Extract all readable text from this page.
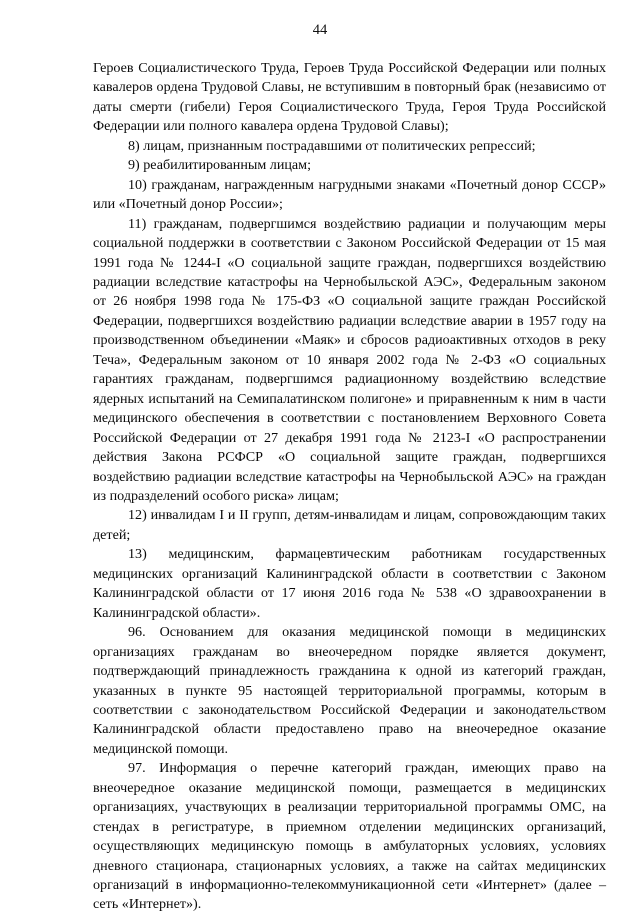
44

Героев Социалистического Труда, Героев Труда Российской Федерации или полных кавалеров ордена Трудовой Славы, не вступившим в повторный брак (независимо от даты смерти (гибели) Героя Социалистического Труда, Героя Труда Российской Федерации или полного кавалера ордена Трудовой Славы);

8) лицам, признанным пострадавшими от политических репрессий;

9) реабилитированным лицам;

10) гражданам, награжденным нагрудными знаками «Почетный донор СССР» или «Почетный донор России»;

11) гражданам, подвергшимся воздействию радиации и получающим меры социальной поддержки в соответствии с Законом Российской Федерации от 15 мая 1991 года № 1244-I «О социальной защите граждан, подвергшихся воздействию радиации вследствие катастрофы на Чернобыльской АЭС», Федеральным законом от 26 ноября 1998 года № 175-ФЗ «О социальной защите граждан Российской Федерации, подвергшихся воздействию радиации вследствие аварии в 1957 году на производственном объединении «Маяк» и сбросов радиоактивных отходов в реку Теча», Федеральным законом от 10 января 2002 года № 2-ФЗ «О социальных гарантиях гражданам, подвергшимся радиационному воздействию вследствие ядерных испытаний на Семипалатинском полигоне» и приравненным к ним в части медицинского обеспечения в соответствии с постановлением Верховного Совета Российской Федерации от 27 декабря 1991 года № 2123-I «О распространении действия Закона РСФСР «О социальной защите граждан, подвергшихся воздействию радиации вследствие катастрофы на Чернобыльской АЭС» на граждан из подразделений особого риска» лицам;

12) инвалидам I и II групп, детям-инвалидам и лицам, сопровождающим таких детей;

13) медицинским, фармацевтическим работникам государственных медицинских организаций Калининградской области в соответствии с Законом Калининградской области от 17 июня 2016 года № 538 «О здравоохранении в Калининградской области».

96. Основанием для оказания медицинской помощи в медицинских организациях гражданам во внеочередном порядке является документ, подтверждающий принадлежность гражданина к одной из категорий граждан, указанных в пункте 95 настоящей территориальной программы, которым в соответствии с законодательством Российской Федерации и законодательством Калининградской области предоставлено право на внеочередное оказание медицинской помощи.

97. Информация о перечне категорий граждан, имеющих право на внеочередное оказание медицинской помощи, размещается в медицинских организациях, участвующих в реализации территориальной программы ОМС, на стендах в регистратуре, в приемном отделении медицинских организаций, осуществляющих медицинскую помощь в амбулаторных условиях, условиях дневного стационара, стационарных условиях, а также на сайтах медицинских организаций в информационно-телекоммуникационной сети «Интернет» (далее – сеть «Интернет»).
